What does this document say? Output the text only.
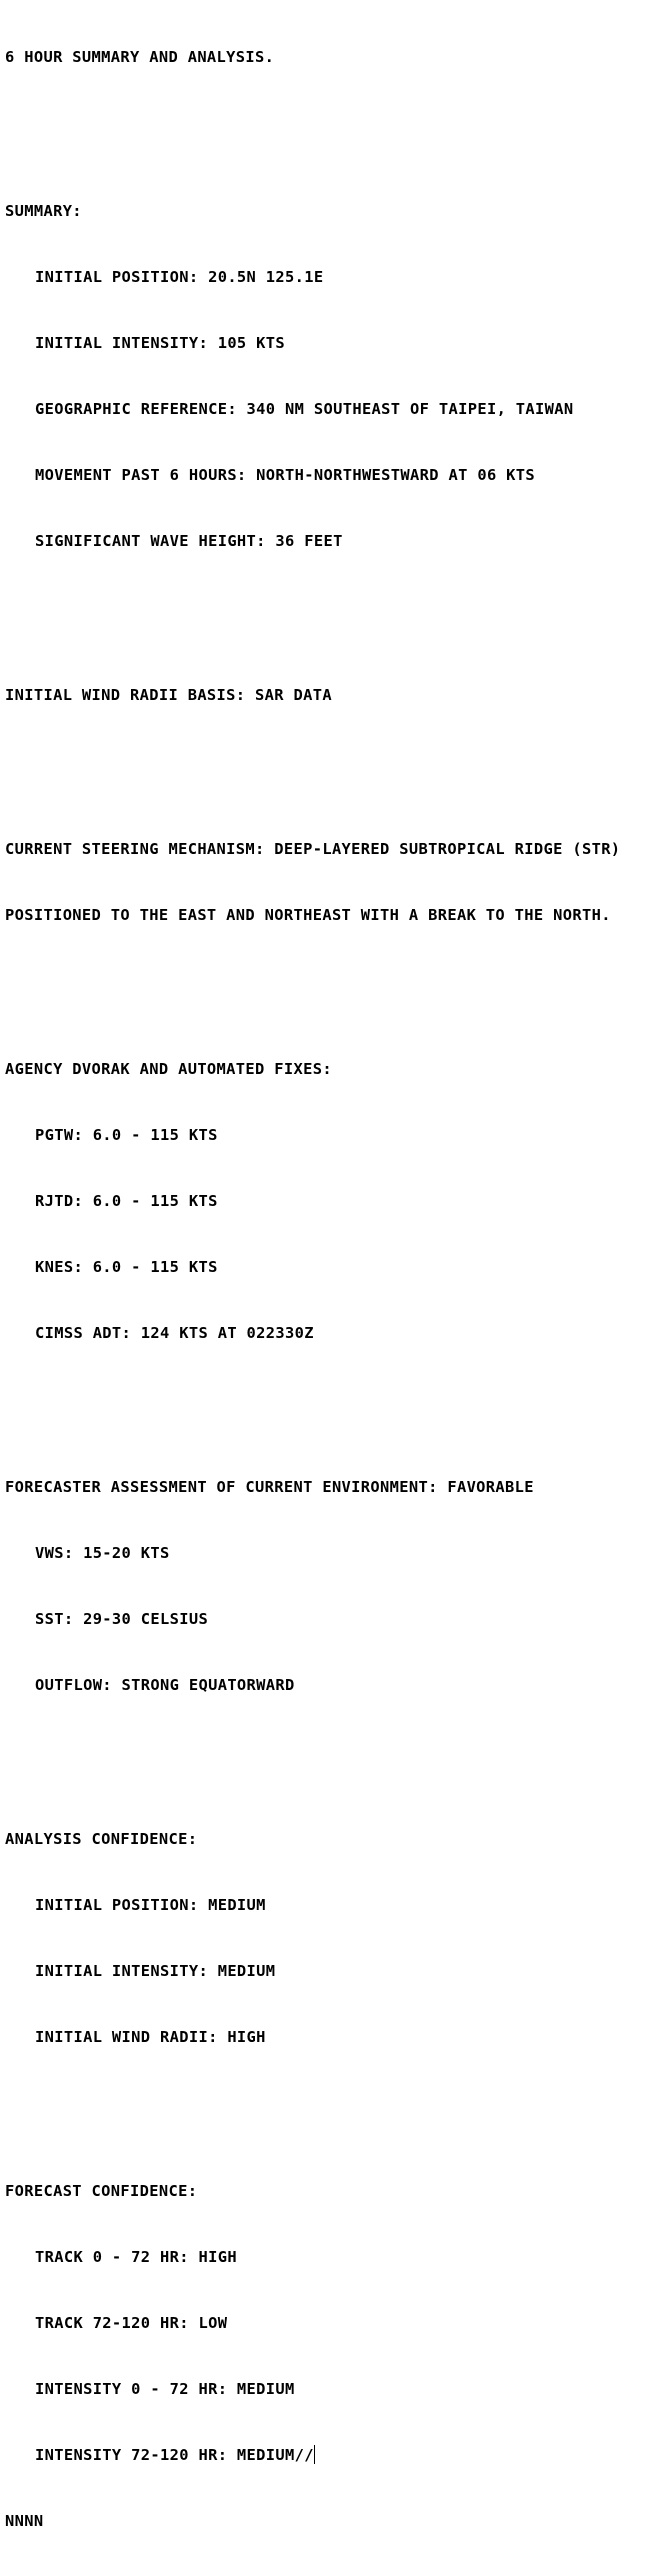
6 HOUR SUMMARY AND ANALYSIS.

SUMMARY:

INITIAL POSITION: 20.5N 125.1E

INITIAL INTENSITY: 105 KTS

GEOGRAPHIC REFERENCE: 340 NM SOUTHEAST OF TAIPEI, TAIWAN

MOVEMENT PAST 6 HOURS: NORTH-NORTHWESTWARD AT 06 KTS

SIGNIFICANT WAVE HEIGHT: 36 FEET

INITIAL WIND RADII BASIS: SAR DATA

CURRENT STEERING MECHANISM: DEEP-LAYERED SUBTROPICAL RIDGE (STR)

POSITIONED TO THE EAST AND NORTHEAST WITH A BREAK TO THE NORTH.

AGENCY DVORAK AND AUTOMATED FIXES:

PGTW: 6.0 - 115 KTS

RJTD: 6.0 - 115 KTS

KNES: 6.0 - 115 KTS

CIMSS ADT: 124 KTS AT 022330Z

FORECASTER ASSESSMENT OF CURRENT ENVIRONMENT: FAVORABLE

VWS: 15-20 KTS

SST: 29-30 CELSIUS

OUTFLOW: STRONG EQUATORWARD

ANALYSIS CONFIDENCE:

INITIAL POSITION: MEDIUM

INITIAL INTENSITY: MEDIUM

INITIAL WIND RADII: HIGH

FORECAST CONFIDENCE:

TRACK 0 - 72 HR: HIGH

TRACK 72-120 HR: LOW

INTENSITY 0 - 72 HR: MEDIUM

INTENSITY 72-120 HR: MEDIUM//

NNNN
